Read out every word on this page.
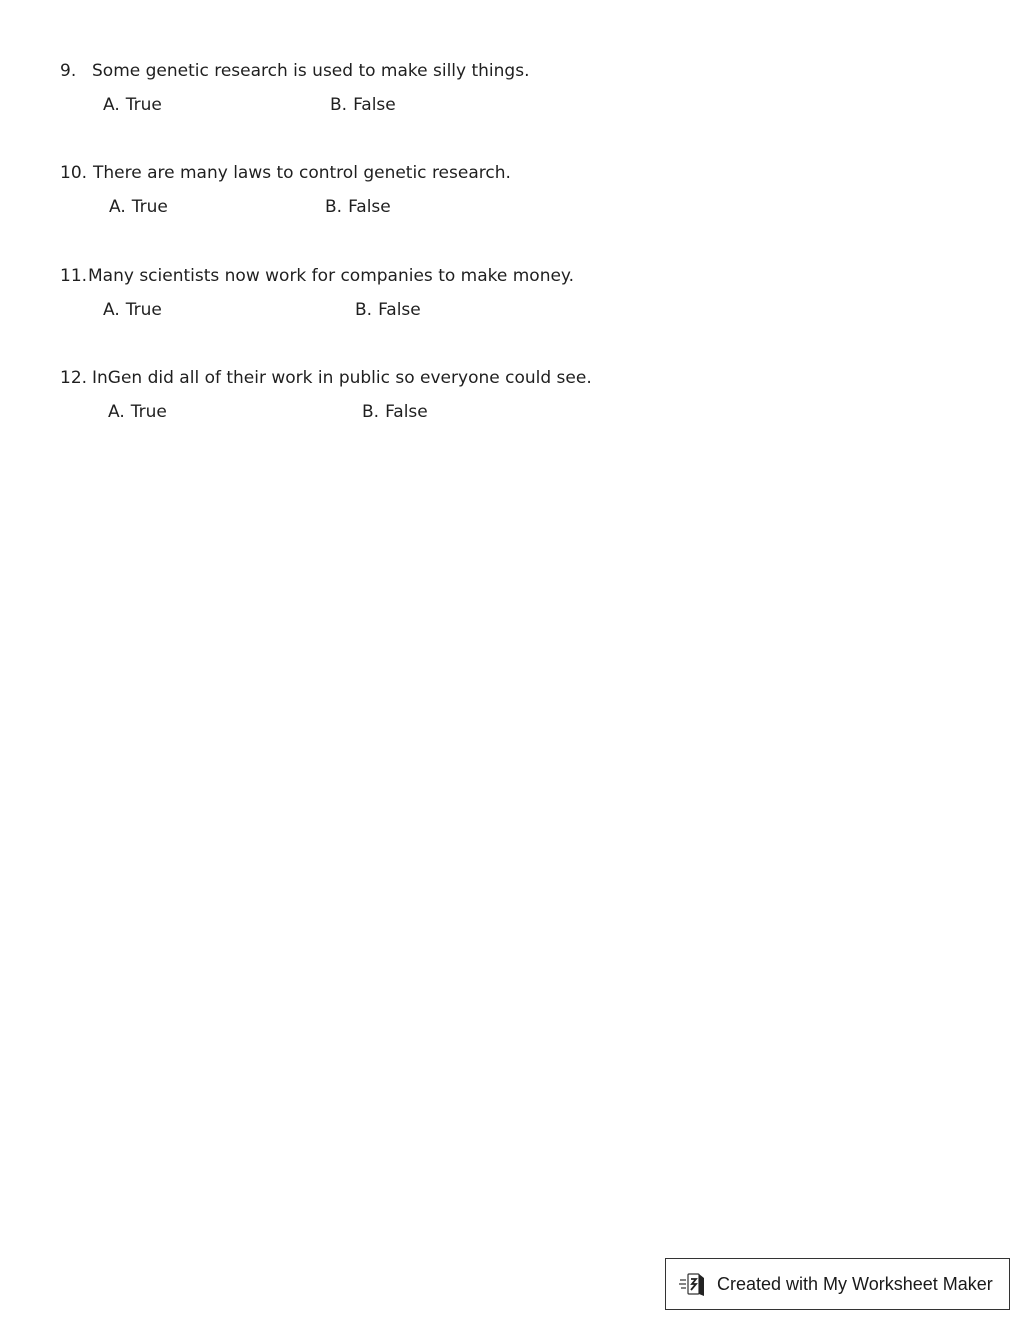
9. Some genetic research is used to make silly things.
A. True	B. False
10. There are many laws to control genetic research.
A. True	B. False
11. Many scientists now work for companies to make money.
A. True	B. False
12. InGen did all of their work in public so everyone could see.
A. True	B. False
Created with My Worksheet Maker
